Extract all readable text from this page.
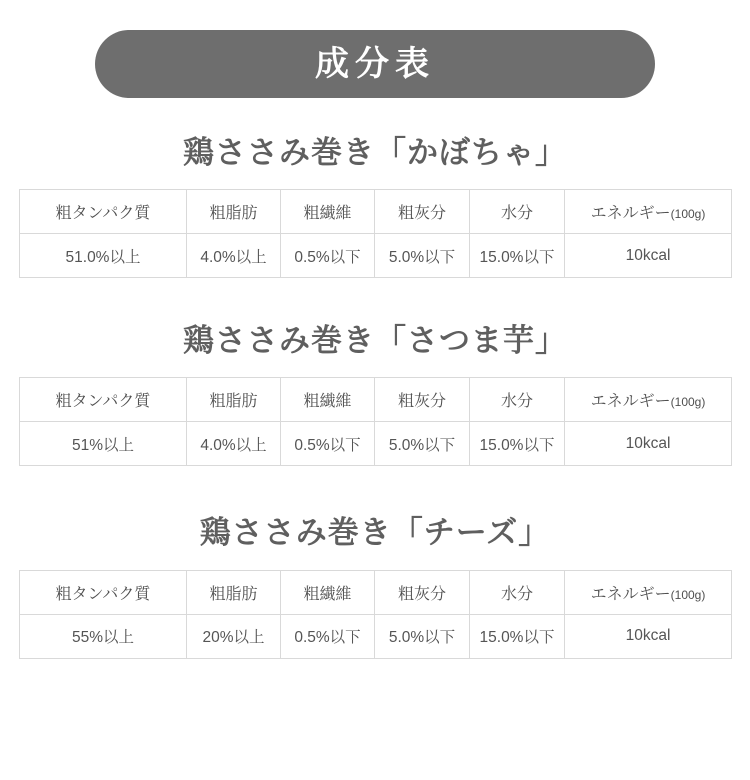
成分表
鶏ささみ巻き「かぼちゃ」
粗タンパク質	粗脂肪	粗繊維	粗灰分	水分	エネルギー(100g)
51.0%以上	4.0%以上	0.5%以下	5.0%以下	15.0%以下	10kcal
鶏ささみ巻き「さつま芋」
粗タンパク質	粗脂肪	粗繊維	粗灰分	水分	エネルギー(100g)
51%以上	4.0%以上	0.5%以下	5.0%以下	15.0%以下	10kcal
鶏ささみ巻き「チーズ」
粗タンパク質	粗脂肪	粗繊維	粗灰分	水分	エネルギー(100g)
55%以上	20%以上	0.5%以下	5.0%以下	15.0%以下	10kcal
